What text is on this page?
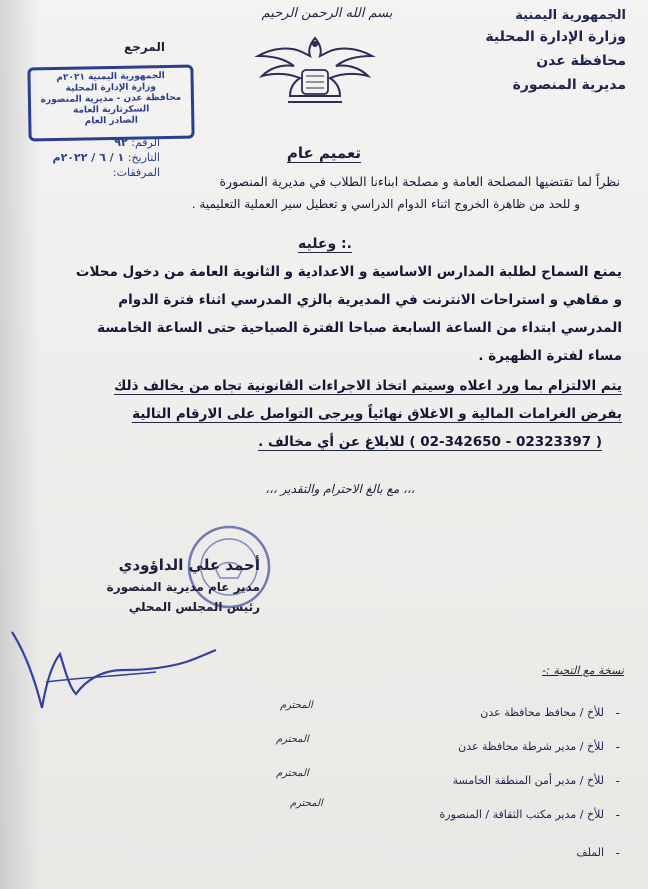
الجمهورية اليمنية
وزارة الإدارة المحلية
محافظة عدن
مديرية المنصورة
بسم الله الرحمن الرحيم
المرجع
الجمهورية اليمنية ٢٠٢١م
وزارة الإدارة المحلية
محافظة عدن - مديرية المنصورة
السكرتارية العامة
الصادر العام
الرقم: ٩٢
التاريخ: ١ / ٦ / ٢٠٢٢م
المرفقات:
تعميم عام
نظراً لما تقتضيها المصلحة العامة و مصلحة ابناءنا الطلاب في مديرية المنصورة
و للحد من ظاهرة الخروج اثناء الدوام الدراسي و تعطيل سير العملية التعليمية .
وعليه :.
يمنع السماح لطلبة المدارس الاساسية و الاعدادية و الثانوية العامة من دخول محلات
و مقاهي و استراحات الانترنت في المديرية بالزي المدرسي اثناء فترة الدوام
المدرسي ابتداء من الساعة السابعة صباحا الفترة الصباحية حتى الساعة الخامسة
مساء لفترة الظهيرة .
يتم الالتزام بما ورد اعلاه وسيتم اتخاذ الاجراءات القانونية تجاه من يخالف ذلك
بفرض الغرامات المالية و الاغلاق نهائياً ويرجى التواصل على الارقام التالية
( 02323397 - 02-342650 ) للابلاغ عن أي مخالف .
،،، مع بالغ الاحترام والتقدير ،،،
أحمد علي الداؤودي
مدير عام مديرية المنصورة
رئيس المجلس المحلي
نسخة مع التحية :-
-
للأخ / محافظ محافظة عدن
المحترم
-
للأخ / مدير شرطة محافظة عدن
المحترم
-
للأخ / مدير أمن المنطقة الخامسة
المحترم
-
للأخ / مدير مكتب الثقافة / المنصورة
المحترم
-
الملف
